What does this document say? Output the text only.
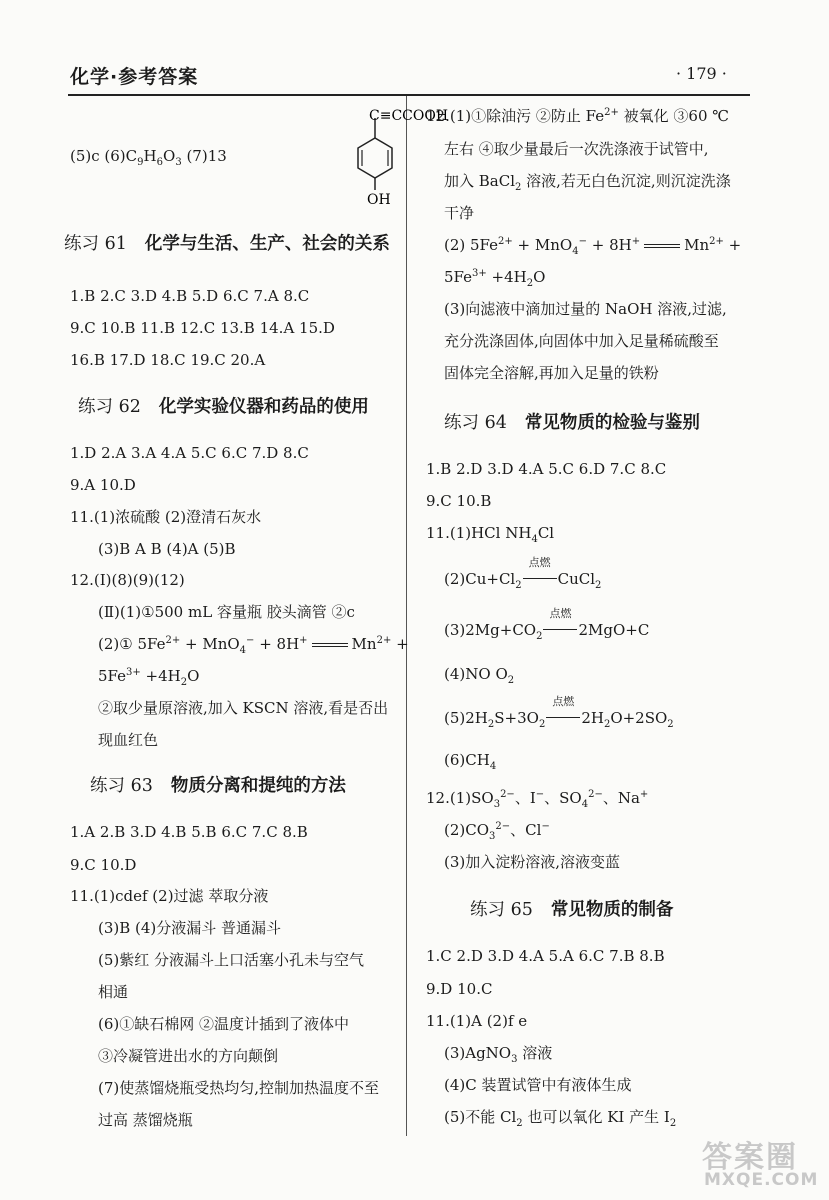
化学·参考答案	· 179 ·
(5)c $(6)C_9H_6O_3$ (7)13
C≡CCOOH
OH
练习 61 化学与生活、生产、社会的关系
1.B 2.C 3.D 4.B 5.D 6.C 7.A 8.C
9.C 10.B 11.B 12.C 13.B 14.A 15.D
16.B 17.D 18.C 19.C 20.A
练习 62 化学实验仪器和药品的使用
1.D 2.A 3.A 4.A 5.C 6.C 7.D 8.C
9.A 10.D
11.(1)浓硫酸 (2)澄清石灰水
(3)B A B (4)A (5)B
12.(Ⅰ)(8)(9)(12)
(Ⅱ)(1)①500 mL 容量瓶 胶头滴管 ②c
(2)① $5Fe^{2+} + MnO_4^- + 8H^+$	$Mn^{2+}$ +
$5Fe^{3+} +4H_2O$
②取少量原溶液,加入 KSCN 溶液,看是否出
现血红色
练习 63 物质分离和提纯的方法
1.A 2.B 3.D 4.B 5.B 6.C 7.C 8.B
9.C 10.D
11.(1)cdef (2)过滤 萃取分液
(3)B (4)分液漏斗 普通漏斗
(5)紫红 分液漏斗上口活塞小孔未与空气
相通
(6)①缺石棉网 ②温度计插到了液体中
③冷凝管进出水的方向颠倒
(7)使蒸馏烧瓶受热均匀,控制加热温度不至
过高 蒸馏烧瓶
12.(1)①除油污 ②防止 $Fe^{2+}$ 被氧化 ③60 ℃
左右 ④取少量最后一次洗涤液于试管中,
加入 BaCl$_2$ 溶液,若无白色沉淀,则沉淀洗涤
干净
(2) $5Fe^{2+} + MnO_4^- + 8H^+$	$Mn^{2+}$ +
$5Fe^{3+} +4H_2O$
(3)向滤液中滴加过量的 NaOH 溶液,过滤,
充分洗涤固体,向固体中加入足量稀硫酸至
固体完全溶解,再加入足量的铁粉
练习 64 常见物质的检验与鉴别
1.B 2.D 3.D 4.A 5.C 6.D 7.C 8.C
9.C 10.B
11.(1)HCl $NH_4Cl$
$(2)Cu+Cl_2$
点燃
CuCl$_2$
$(3)2Mg+CO_2$
点燃
2MgO+C
(4)NO $O_2$
$(5)2H_2S+3O_2$
点燃
$2H_2O+2SO_2$
$(6)CH_4$
$12.(1)SO_3^{2-}$、I−、$SO_4^{2-}$、Na+
$(2)CO_3^{2-}$、Cl−
(3)加入淀粉溶液,溶液变蓝
练习 65 常见物质的制备
1.C 2.D 3.D 4.A 5.A 6.C 7.B 8.B
9.D 10.C
11.(1)A (2)f e
(3)AgNO$_3$ 溶液
(4)C 装置试管中有液体生成
(5)不能 $Cl_2$ 也可以氧化 KI 产生 $I_2$
答案圈
MXQE.COM
